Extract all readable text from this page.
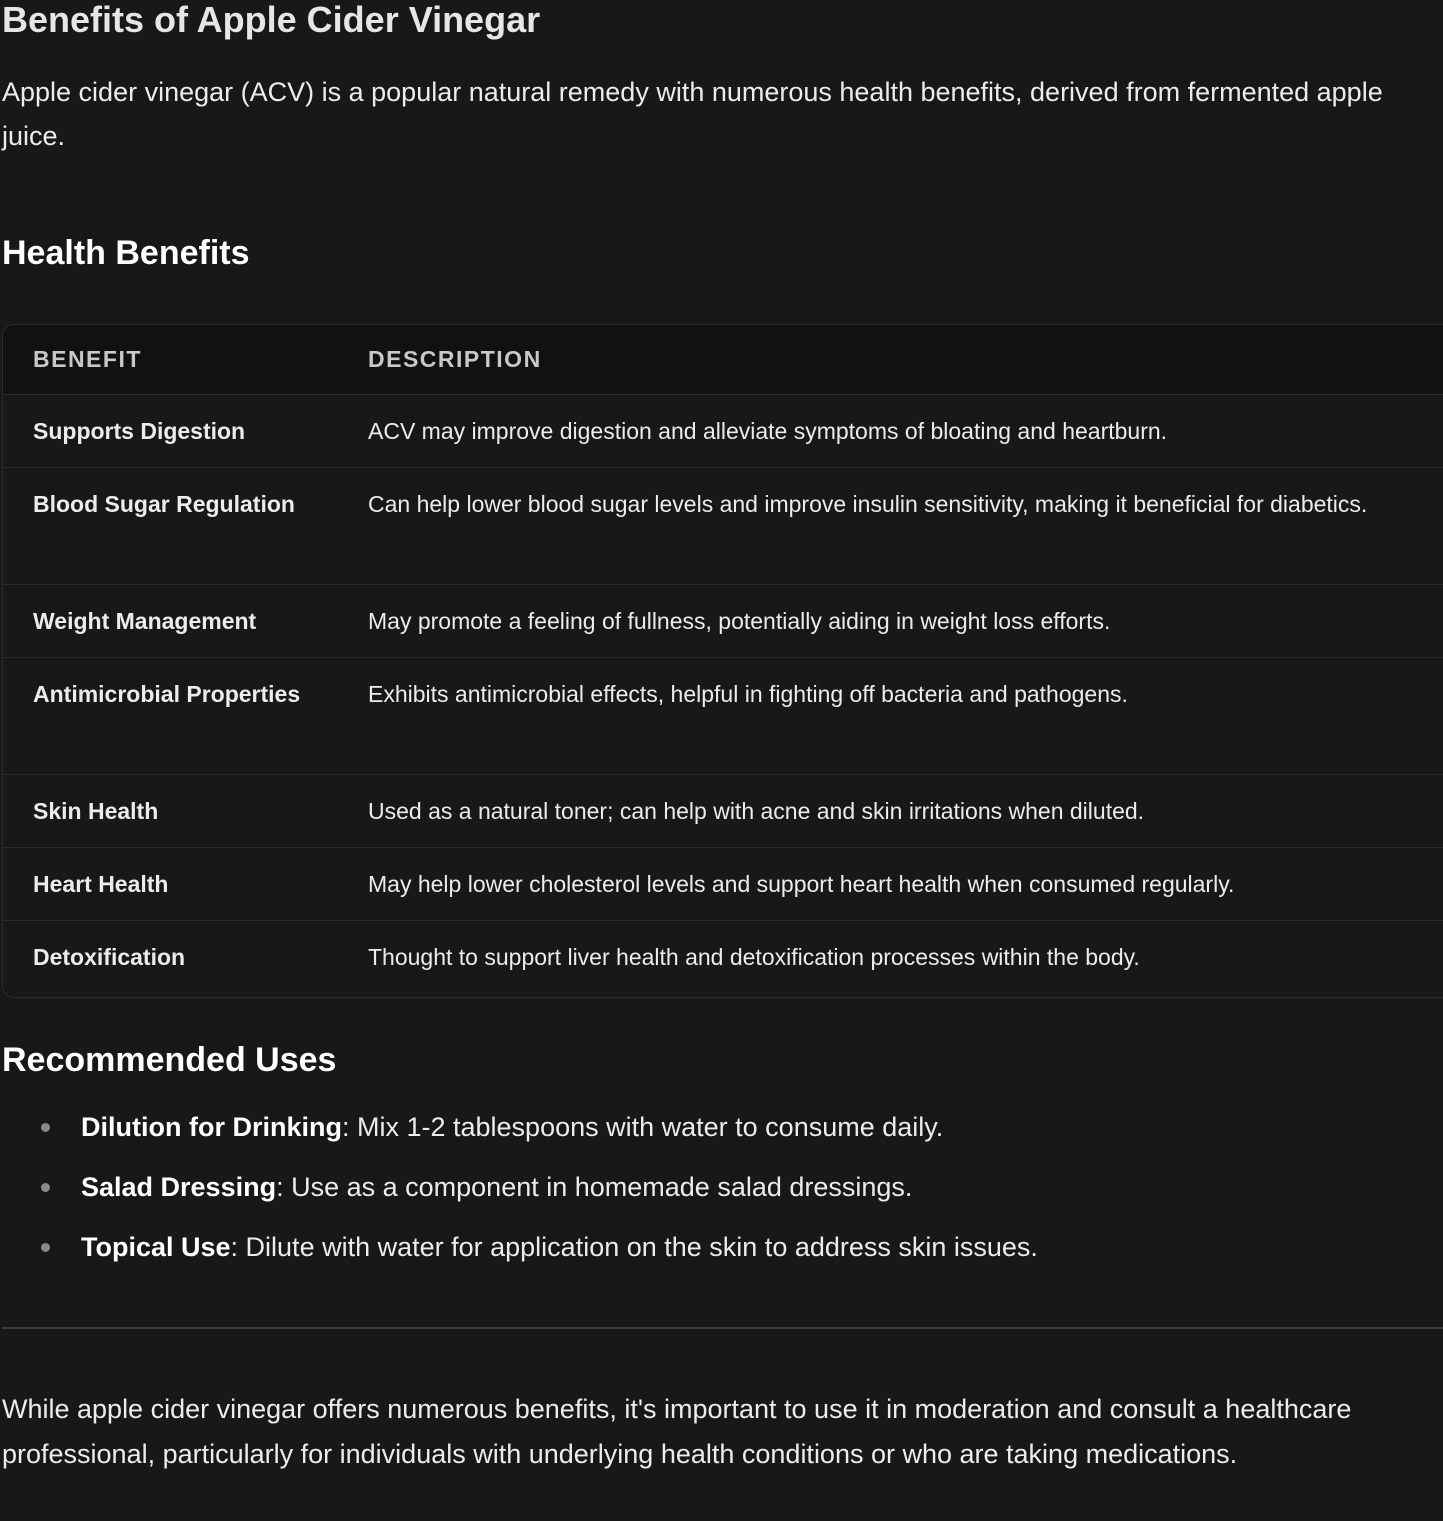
Benefits of Apple Cider Vinegar

Apple cider vinegar (ACV) is a popular natural remedy with numerous health benefits, derived from fermented apple juice.

Health Benefits
BENEFIT	DESCRIPTION
Supports Digestion	ACV may improve digestion and alleviate symptoms of bloating and heartburn.
Blood Sugar Regulation	Can help lower blood sugar levels and improve insulin sensitivity, making it beneficial for diabetics.
Weight Management	May promote a feeling of fullness, potentially aiding in weight loss efforts.
Antimicrobial Properties	Exhibits antimicrobial effects, helpful in fighting off bacteria and pathogens.
Skin Health	Used as a natural toner; can help with acne and skin irritations when diluted.
Heart Health	May help lower cholesterol levels and support heart health when consumed regularly.
Detoxification	Thought to support liver health and detoxification processes within the body.
Recommended Uses
Dilution for Drinking: Mix 1-2 tablespoons with water to consume daily.
Salad Dressing: Use as a component in homemade salad dressings.
Topical Use: Dilute with water for application on the skin to address skin issues.

While apple cider vinegar offers numerous benefits, it's important to use it in moderation and consult a healthcare professional, particularly for individuals with underlying health conditions or who are taking medications.
